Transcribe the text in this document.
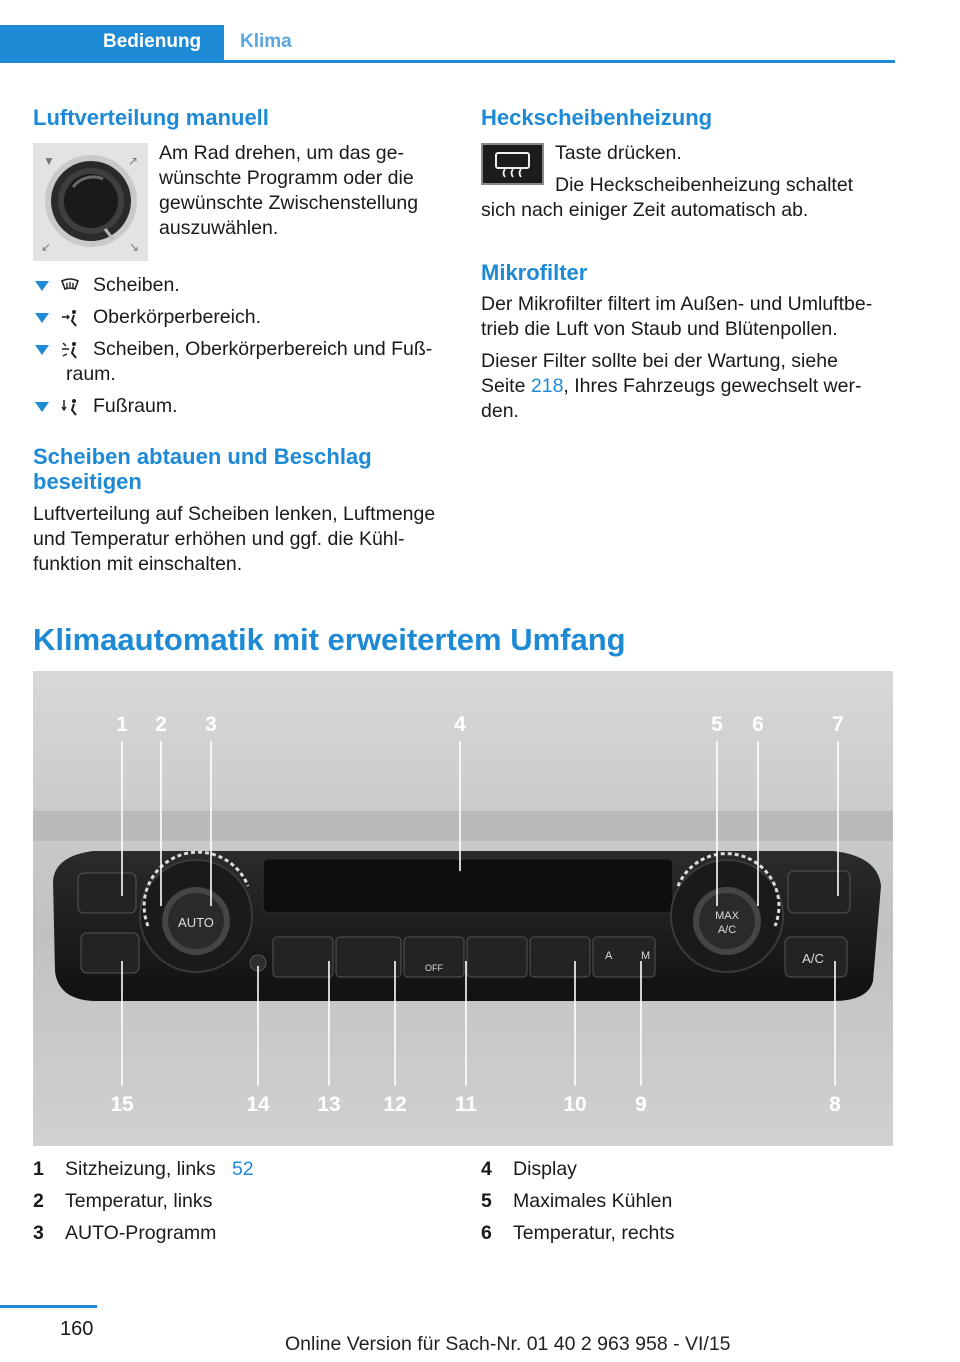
Bedienung Klima
Luftverteilung manuell
▼	↗
↙	↘

Am Rad drehen, um das ge-

wünschte Programm oder die

gewünschte Zwischenstellung

auszuwählen.

Scheiben.
Oberkörperbereich.
Scheiben, Oberkörperbereich und Fuß-
raum.
Fußraum.
Scheiben abtauen und Beschlag
beseitigen

Luftverteilung auf Scheiben lenken, Luftmenge

und Temperatur erhöhen und ggf. die Kühl-

funktion mit einschalten.

Heckscheibenheizung

Taste drücken.

Die Heckscheibenheizung schaltet

sich nach einiger Zeit automatisch ab.

Mikrofilter

Der Mikrofilter filtert im Außen- und Umluftbe-

trieb die Luft von Staub und Blütenpollen.

Dieser Filter sollte bei der Wartung, siehe

Seite 218, Ihres Fahrzeugs gewechselt wer-

den.

Klimaautomatik mit erweitertem Umfang
AUTO
OFF
A	M
MAX
A/C
A/C
1 2 3	4	5 6	7
15	14 13 12 11	10 9	8
1 Sitzheizung, links 52
2 Temperatur, links
3 AUTO-Programm
4 Display
5 Maximales Kühlen
6 Temperatur, rechts
160
Online Version für Sach-Nr. 01 40 2 963 958 - VI/15
